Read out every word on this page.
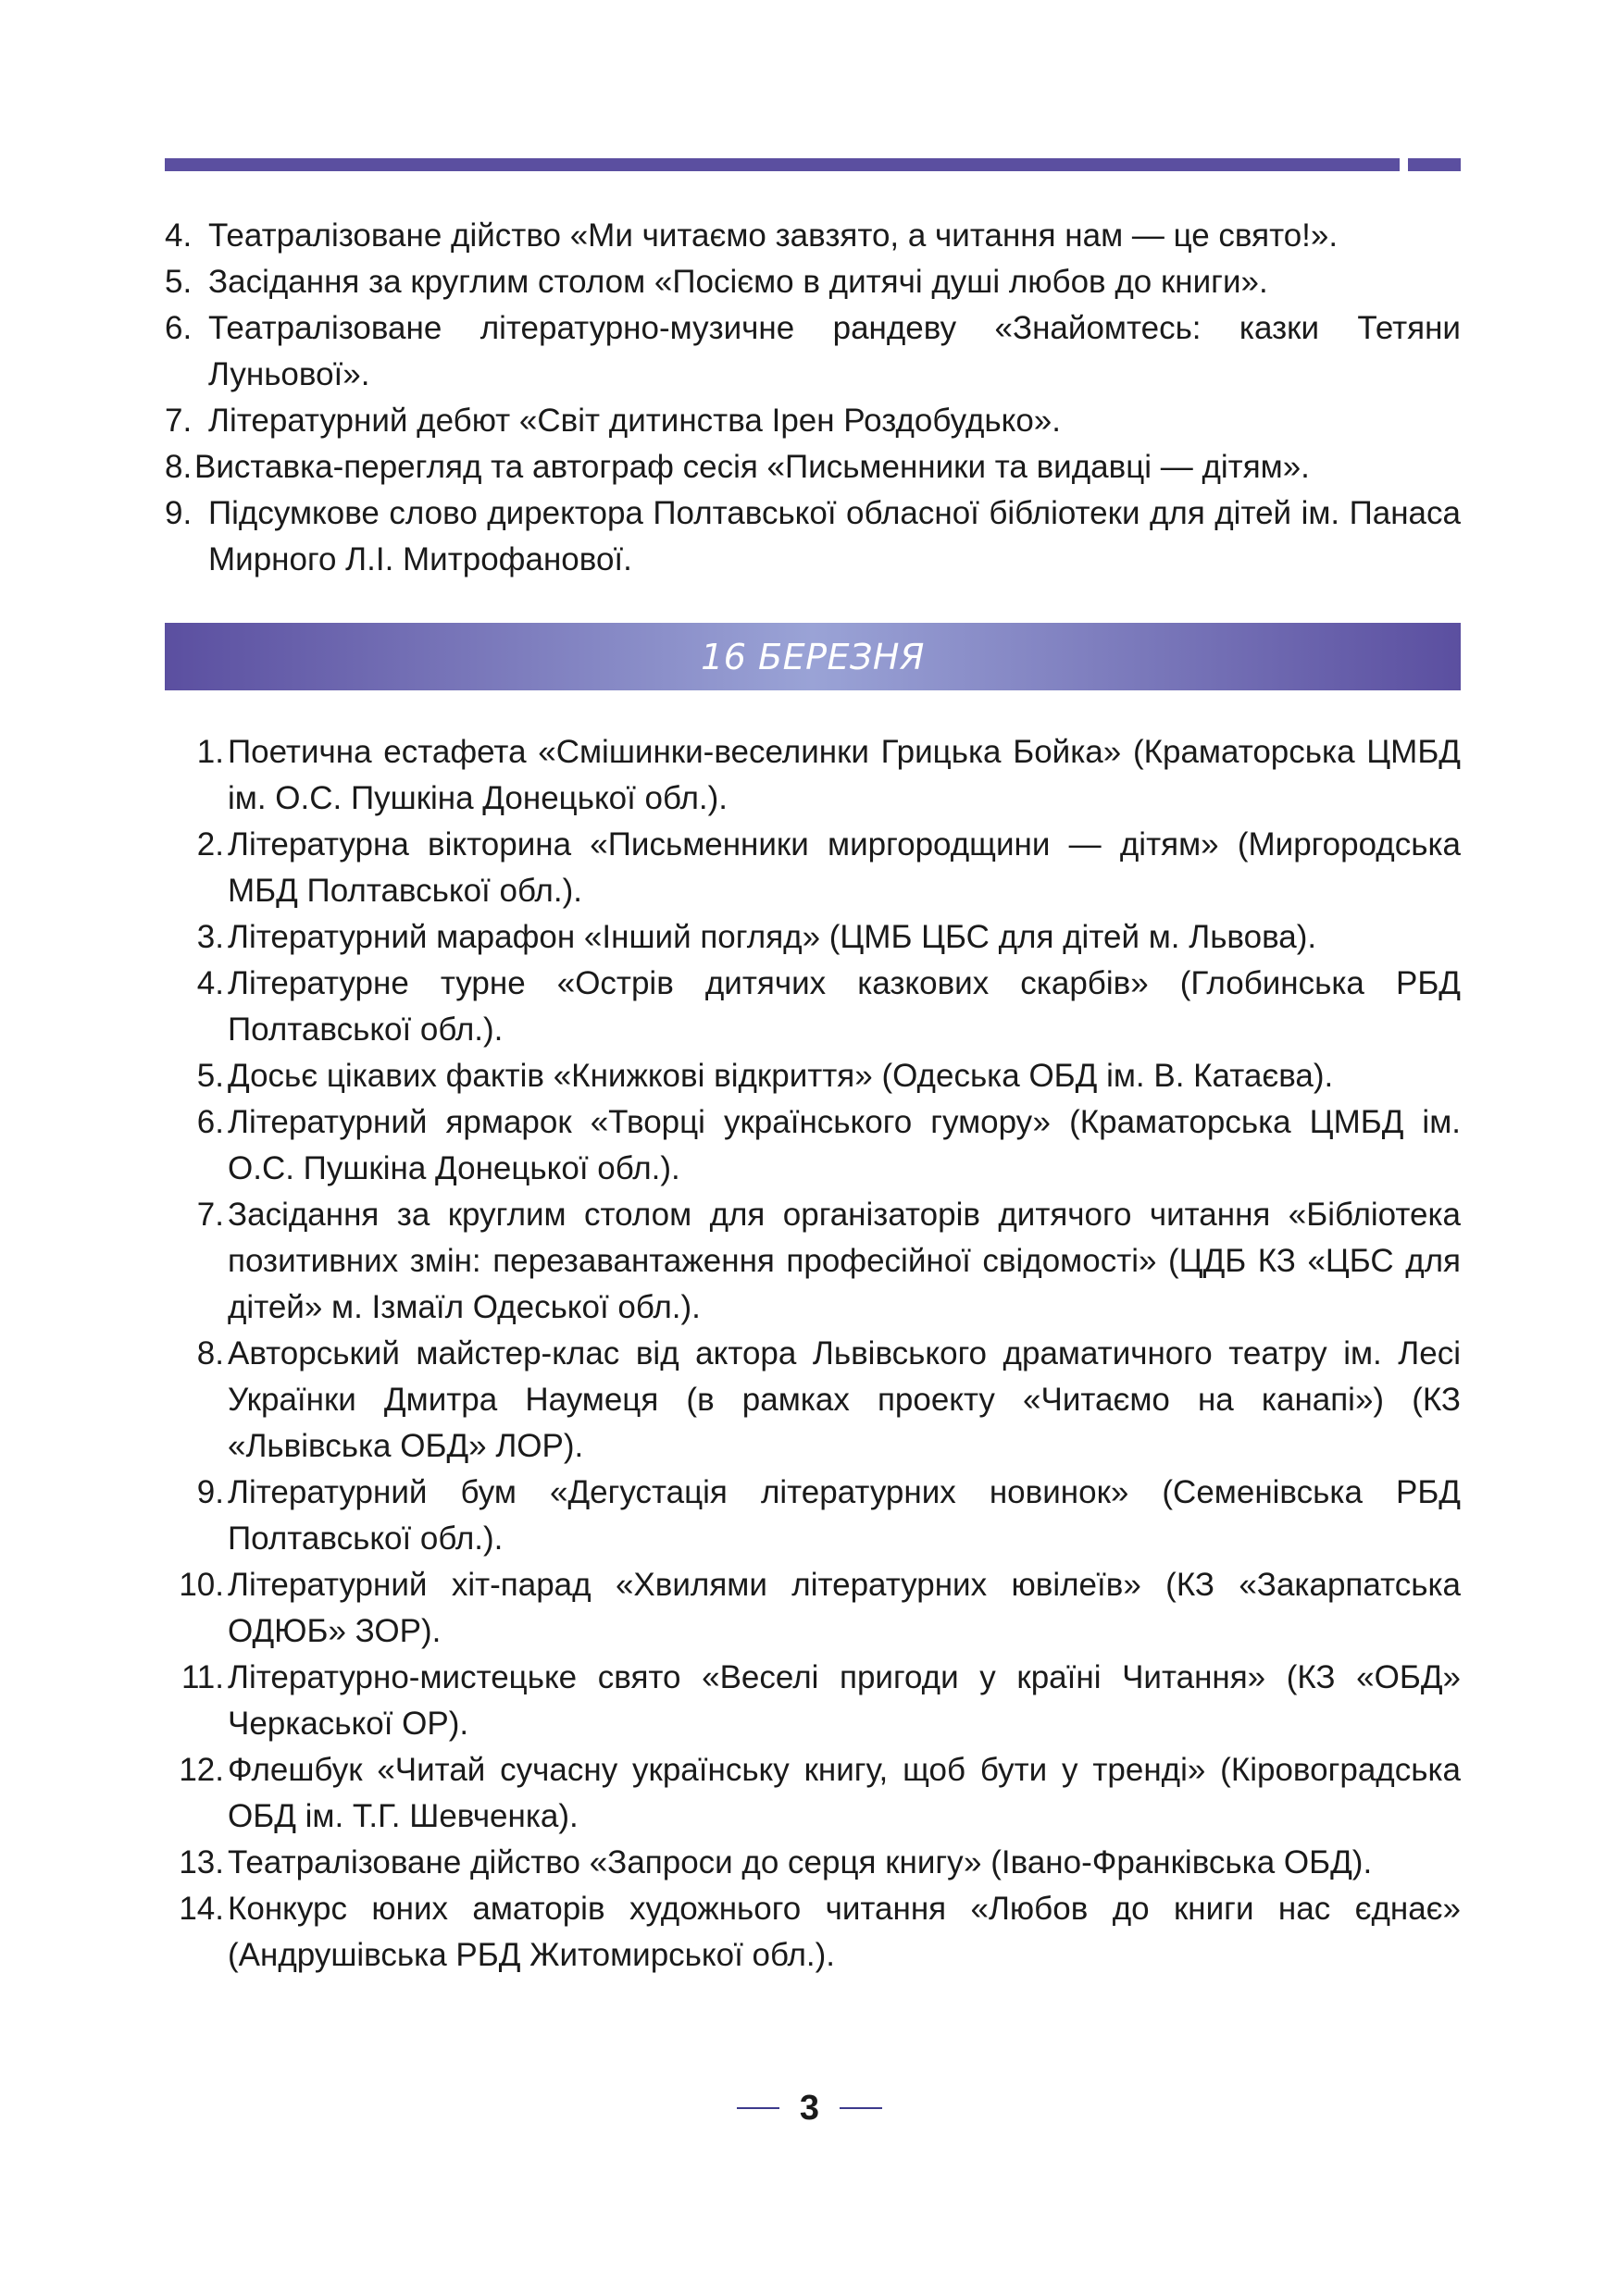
4. Театралізоване дійство «Ми читаємо завзято, а читання нам — це свято!».
5. Засідання за круглим столом «Посіємо в дитячі душі любов до книги».
6. Театралізоване літературно-музичне рандеву «Знайомтесь: казки Тетяни Луньової».
7. Літературний дебют «Світ дитинства Ірен Роздобудько».
8. Виставка-перегляд та автограф сесія «Письменники та видавці — дітям».
9. Підсумкове слово директора Полтавської обласної бібліотеки для дітей ім. Панаса Мирного Л.І. Митрофанової.
16 БЕРЕЗНЯ
1. Поетична естафета «Смішинки-веселинки Грицька Бойка» (Краматорська ЦМБД ім. О.С. Пушкіна Донецької обл.).
2. Літературна вікторина «Письменники миргородщини — дітям» (Миргородська МБД Полтавської обл.).
3. Літературний марафон «Інший погляд» (ЦМБ ЦБС для дітей м. Львова).
4. Літературне турне «Острів дитячих казкових скарбів» (Глобинська РБД Полтавської обл.).
5. Досьє цікавих фактів «Книжкові відкриття» (Одеська ОБД ім. В. Катаєва).
6. Літературний ярмарок «Творці українського гумору» (Краматорська ЦМБД ім. О.С. Пушкіна Донецької обл.).
7. Засідання за круглим столом для організаторів дитячого читання «Бібліотека позитивних змін: перезавантаження професійної свідомості» (ЦДБ КЗ «ЦБС для дітей» м. Ізмаїл Одеської обл.).
8. Авторський майстер-клас від актора Львівського драматичного театру ім. Лесі Українки Дмитра Наумеця (в рамках проекту «Читаємо на канапі») (КЗ «Львівська ОБД» ЛОР).
9. Літературний бум «Дегустація літературних новинок» (Семенівська РБД Полтавської обл.).
10. Літературний хіт-парад «Хвилями літературних ювілеїв» (КЗ «Закарпатська ОДЮБ» ЗОР).
11. Літературно-мистецьке свято «Веселі пригоди у країні Читання» (КЗ «ОБД» Черкаської ОР).
12. Флешбук «Читай сучасну українську книгу, щоб бути у тренді» (Кіровоградська ОБД ім. Т.Г. Шевченка).
13. Театралізоване дійство «Запроси до серця книгу» (Івано-Франківська ОБД).
14. Конкурс юних аматорів художнього читання «Любов до книги нас єднає» (Андрушівська РБД Житомирської обл.).
3
